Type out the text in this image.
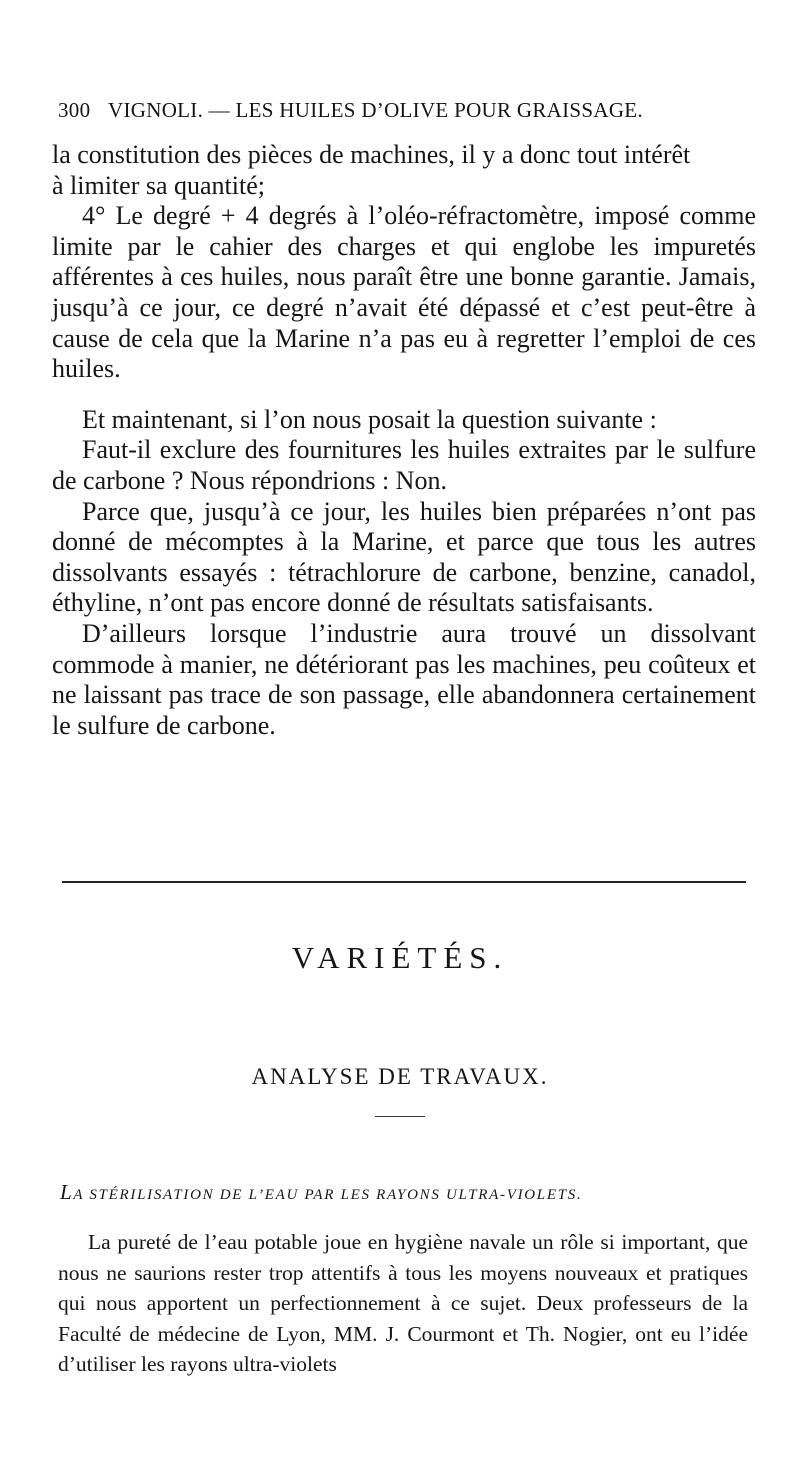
300 VIGNOLI. — LES HUILES D’OLIVE POUR GRAISSAGE.

la constitution des pièces de machines, il y a donc tout intérêt

à limiter sa quantité;

4° Le degré + 4 degrés à l’oléo-réfractomètre, imposé comme limite par le cahier des charges et qui englobe les impuretés afférentes à ces huiles, nous paraît être une bonne garantie. Jamais, jusqu’à ce jour, ce degré n’avait été dépassé et c’est peut-être à cause de cela que la Marine n’a pas eu à regretter l’emploi de ces huiles.

Et maintenant, si l’on nous posait la question suivante :

Faut-il exclure des fournitures les huiles extraites par le sulfure de carbone ? Nous répondrions : Non.

Parce que, jusqu’à ce jour, les huiles bien préparées n’ont pas donné de mécomptes à la Marine, et parce que tous les autres dissolvants essayés : tétrachlorure de carbone, benzine, canadol, éthyline, n’ont pas encore donné de résultats satisfaisants.

D’ailleurs lorsque l’industrie aura trouvé un dissolvant commode à manier, ne détériorant pas les machines, peu coûteux et ne laissant pas trace de son passage, elle abandonnera certainement le sulfure de carbone.

VARIÉTÉS.
ANALYSE DE TRAVAUX.
LA STÉRILISATION DE L’EAU PAR LES RAYONS ULTRA-VIOLETS.

La pureté de l’eau potable joue en hygiène navale un rôle si important, que nous ne saurions rester trop attentifs à tous les moyens nouveaux et pratiques qui nous apportent un perfectionnement à ce sujet. Deux professeurs de la Faculté de médecine de Lyon, MM. J. Courmont et Th. Nogier, ont eu l’idée d’utiliser les rayons ultra-violets
